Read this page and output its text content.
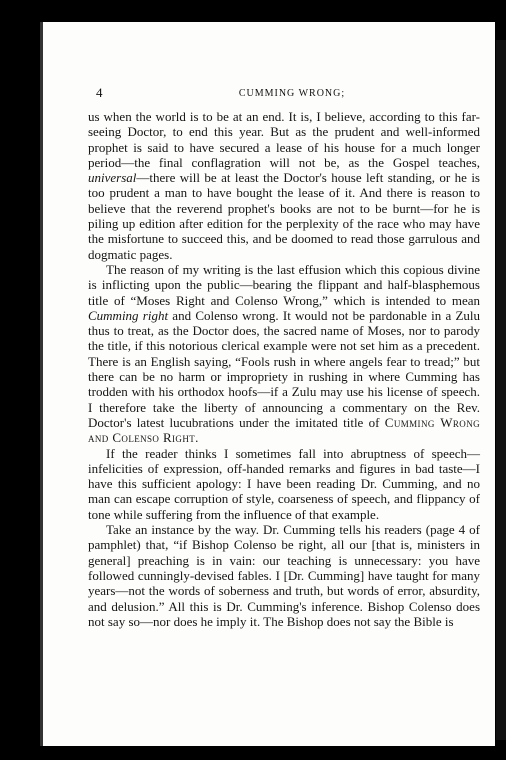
4	CUMMING WRONG;

us when the world is to be at an end. It is, I believe, according to this far-seeing Doctor, to end this year. But as the prudent and well-informed prophet is said to have secured a lease of his house for a much longer period—the final conflagration will not be, as the Gospel teaches, universal—there will be at least the Doctor's house left standing, or he is too prudent a man to have bought the lease of it. And there is reason to believe that the reverend prophet's books are not to be burnt—for he is piling up edition after edition for the perplexity of the race who may have the misfortune to succeed this, and be doomed to read those garrulous and dogmatic pages.

The reason of my writing is the last effusion which this copious divine is inflicting upon the public—bearing the flippant and half-blasphemous title of “Moses Right and Colenso Wrong,” which is intended to mean Cumming right and Colenso wrong. It would not be pardonable in a Zulu thus to treat, as the Doctor does, the sacred name of Moses, nor to parody the title, if this notorious clerical example were not set him as a precedent. There is an English saying, “Fools rush in where angels fear to tread;” but there can be no harm or impropriety in rushing in where Cumming has trodden with his orthodox hoofs—if a Zulu may use his license of speech. I therefore take the liberty of announcing a commentary on the Rev. Doctor's latest lucubrations under the imitated title of Cumming Wrong and Colenso Right.

If the reader thinks I sometimes fall into abruptness of speech—infelicities of expression, off-handed remarks and figures in bad taste—I have this sufficient apology: I have been reading Dr. Cumming, and no man can escape corruption of style, coarseness of speech, and flippancy of tone while suffering from the influence of that example.

Take an instance by the way. Dr. Cumming tells his readers (page 4 of pamphlet) that, “if Bishop Colenso be right, all our [that is, ministers in general] preaching is in vain: our teaching is unnecessary: you have followed cunningly-devised fables. I [Dr. Cumming] have taught for many years—not the words of soberness and truth, but words of error, absurdity, and delusion.” All this is Dr. Cumming's inference. Bishop Colenso does not say so—nor does he imply it. The Bishop does not say the Bible is
